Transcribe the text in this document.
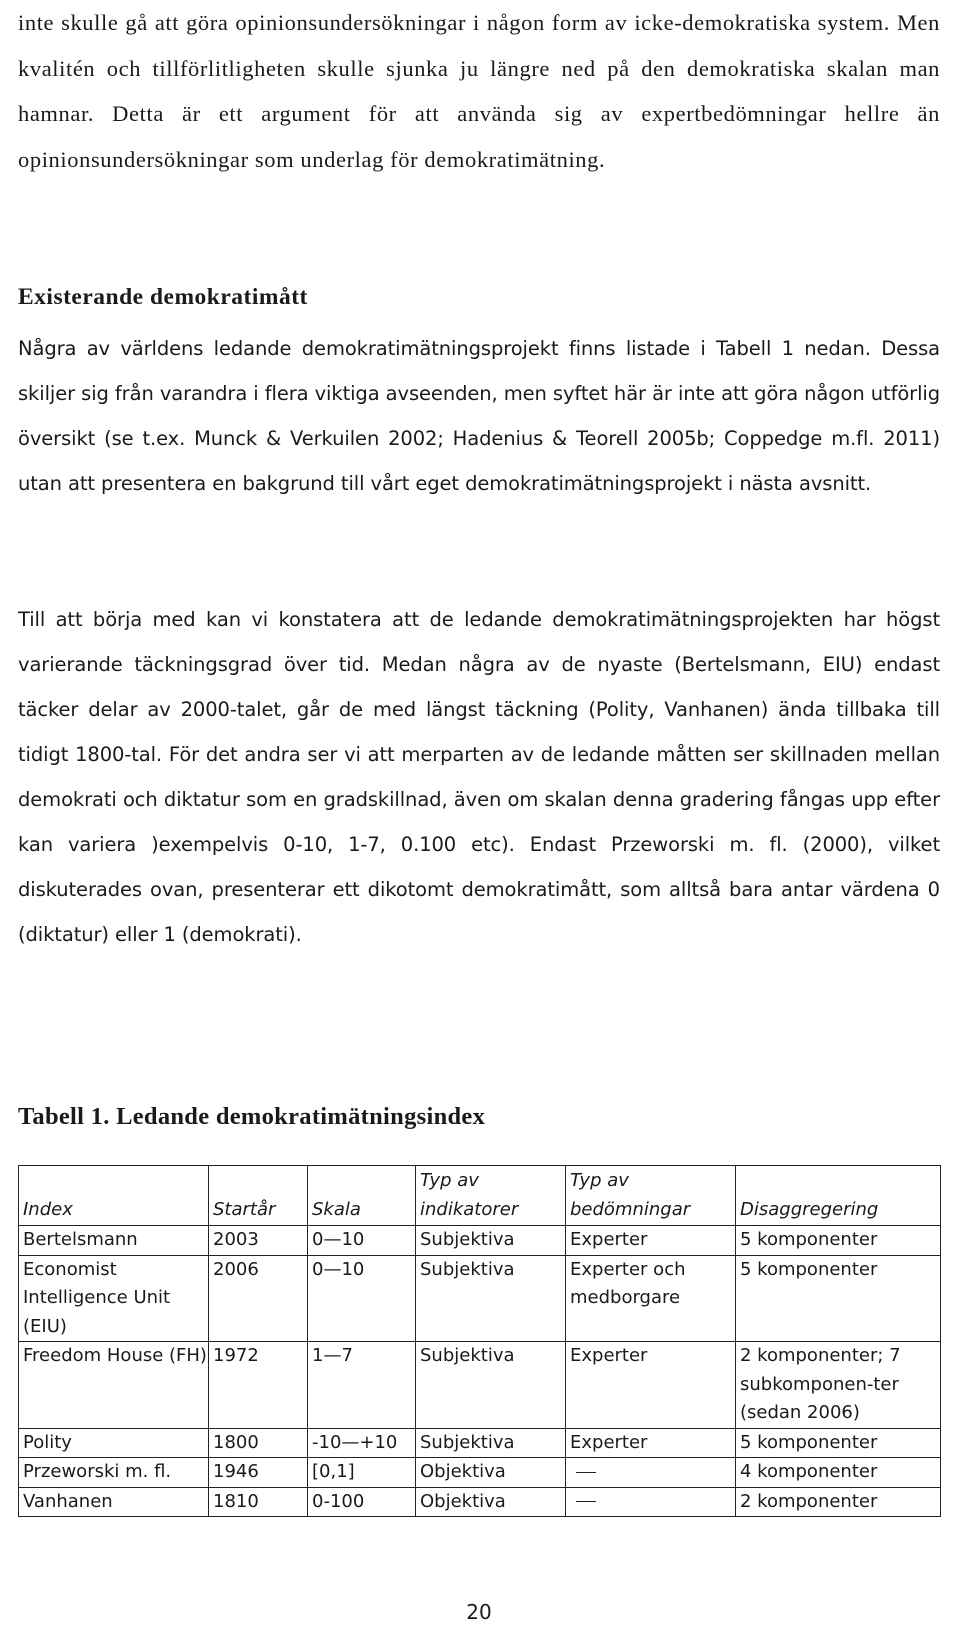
inte skulle gå att göra opinionsundersökningar i någon form av icke-demokratiska system. Men kvalitén och tillförlitligheten skulle sjunka ju längre ned på den demokratiska skalan man hamnar. Detta är ett argument för att använda sig av expertbedömningar hellre än opinionsundersökningar som underlag för demokratimätning.

Existerande demokratimått

Några av världens ledande demokratimätningsprojekt finns listade i Tabell 1 nedan. Dessa skiljer sig från varandra i flera viktiga avseenden, men syftet här är inte att göra någon utförlig översikt (se t.ex. Munck & Verkuilen 2002; Hadenius & Teorell 2005b; Coppedge m.fl. 2011) utan att presentera en bakgrund till vårt eget demokratimätningsprojekt i nästa avsnitt.

Till att börja med kan vi konstatera att de ledande demokratimätningsprojekten har högst varierande täckningsgrad över tid. Medan några av de nyaste (Bertelsmann, EIU) endast täcker delar av 2000-talet, går de med längst täckning (Polity, Vanhanen) ända tillbaka till tidigt 1800-tal. För det andra ser vi att merparten av de ledande måtten ser skillnaden mellan demokrati och diktatur som en gradskillnad, även om skalan denna gradering fångas upp efter kan variera )exempelvis 0-10, 1-7, 0.100 etc). Endast Przeworski m. fl. (2000), vilket diskuterades ovan, presenterar ett dikotomt demokratimått, som alltså bara antar värdena 0 (diktatur) eller 1 (demokrati).

Tabell 1. Ledande demokratimätningsindex
Index	Startår	Skala	Typ av indikatorer	Typ av bedömningar	Disaggregering
Bertelsmann	2003	0—10	Subjektiva	Experter	5 komponenter
Economist Intelligence Unit (EIU)	2006	0—10	Subjektiva	Experter och medborgare	5 komponenter
Freedom House (FH)	1972	1—7	Subjektiva	Experter	2 komponenter; 7 subkomponen-ter (sedan 2006)
Polity	1800	-10—+10	Subjektiva	Experter	5 komponenter
Przeworski m. fl.	1946	[0,1]	Objektiva		4 komponenter
Vanhanen	1810	0-100	Objektiva		2 komponenter
20
